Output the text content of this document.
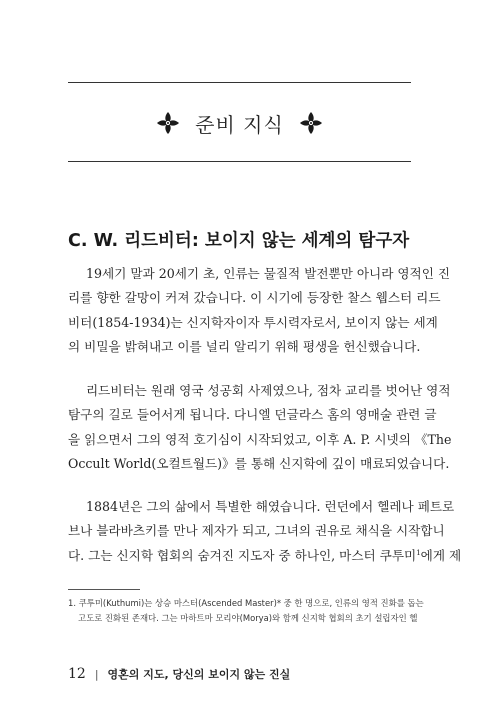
준비 지식
C. W. 리드비터: 보이지 않는 세계의 탐구자
19세기 말과 20세기 초, 인류는 물질적 발전뿐만 아니라 영적인 진
리를 향한 갈망이 커져 갔습니다. 이 시기에 등장한 찰스 웹스터 리드
비터(1854-1934)는 신지학자이자 투시력자로서, 보이지 않는 세계
의 비밀을 밝혀내고 이를 널리 알리기 위해 평생을 헌신했습니다.
리드비터는 원래 영국 성공회 사제였으나, 점차 교리를 벗어난 영적
탐구의 길로 들어서게 됩니다. 다니엘 던글라스 홈의 영매술 관련 글
을 읽으면서 그의 영적 호기심이 시작되었고, 이후 A. P. 시넷의 《The
Occult World(오컬트월드)》를 통해 신지학에 깊이 매료되었습니다.
1884년은 그의 삶에서 특별한 해였습니다. 런던에서 헬레나 페트로
브나 블라바츠키를 만나 제자가 되고, 그녀의 권유로 채식을 시작합니
다. 그는 신지학 협회의 숨겨진 지도자 중 하나인, 마스터 쿠투미$^1$에게 제
1. 쿠투미(Kuthumi)는 상승 마스터(Ascended Master)* 중 한 명으로, 인류의 영적 진화를 돕는
고도로 진화된 존재다. 그는 마하트마 모리야(Morya)와 함께 신지학 협회의 초기 설립자인 헬
12 | 영혼의 지도, 당신의 보이지 않는 진실
